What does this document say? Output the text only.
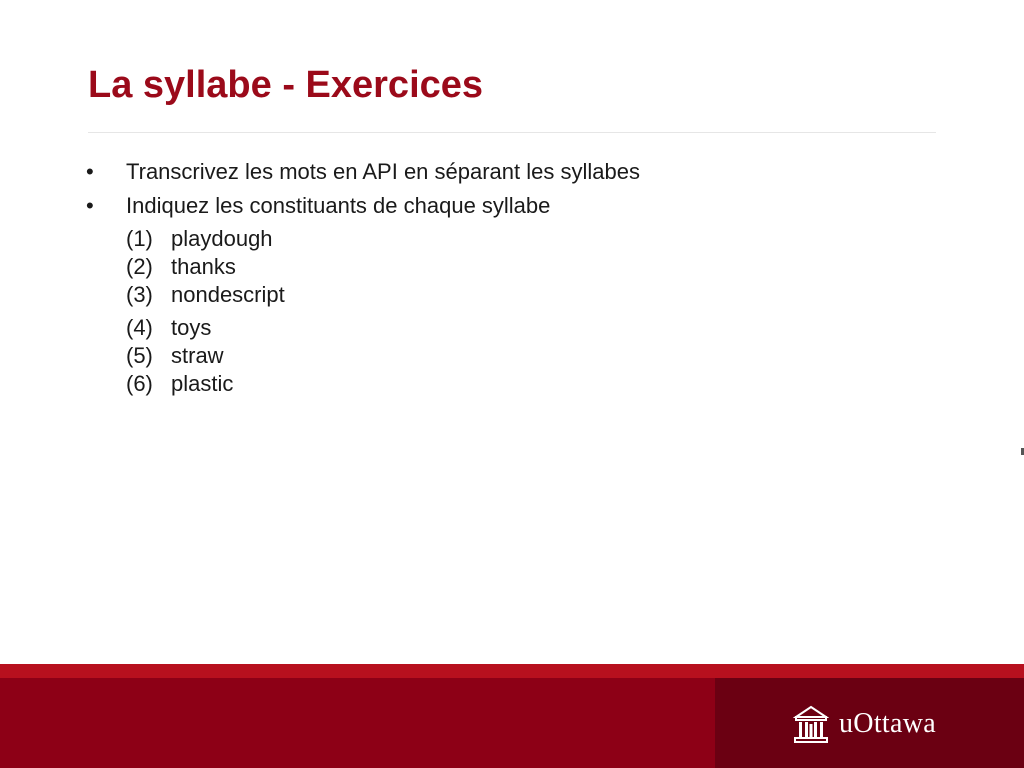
La syllabe - Exercices
• Transcrivez les mots en API en séparant les syllabes
• Indiquez les constituants de chaque syllabe
(1) playdough
(2) thanks
(3) nondescript
(4) toys
(5) straw
(6) plastic
uOttawa
